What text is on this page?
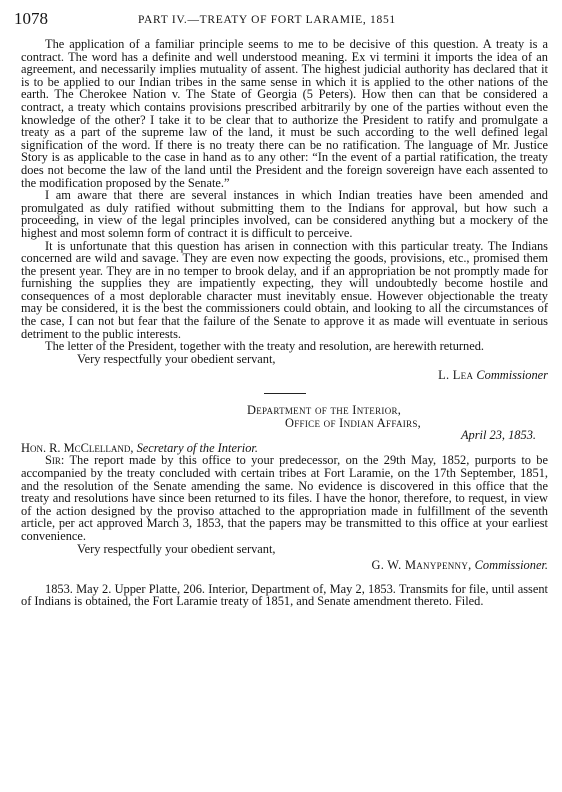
1078	PART IV.—TREATY OF FORT LARAMIE, 1851

The application of a familiar principle seems to me to be decisive of this question. A treaty is a contract. The word has a definite and well understood meaning. Ex vi termini it imports the idea of an agreement, and necessarily implies mutuality of assent. The highest judicial authority has declared that it is to be applied to our Indian tribes in the same sense in which it is applied to the other nations of the earth. The Cherokee Nation v. The State of Georgia (5 Peters). How then can that be considered a contract, a treaty which contains provisions prescribed arbitrarily by one of the parties without even the knowledge of the other? I take it to be clear that to authorize the President to ratify and promulgate a treaty as a part of the supreme law of the land, it must be such according to the well defined legal signification of the word. If there is no treaty there can be no ratification. The language of Mr. Justice Story is as applicable to the case in hand as to any other: “In the event of a partial ratification, the treaty does not become the law of the land until the President and the foreign sovereign have each assented to the modification proposed by the Senate.”

I am aware that there are several instances in which Indian treaties have been amended and promulgated as duly ratified without submitting them to the Indians for approval, but how such a proceeding, in view of the legal principles involved, can be considered anything but a mockery of the highest and most solemn form of contract it is difficult to perceive.

It is unfortunate that this question has arisen in connection with this particular treaty. The Indians concerned are wild and savage. They are even now expecting the goods, provisions, etc., promised them the present year. They are in no temper to brook delay, and if an appropriation be not promptly made for furnishing the supplies they are impatiently expecting, they will undoubtedly become hostile and consequences of a most deplorable character must inevitably ensue. However objectionable the treaty may be considered, it is the best the commissioners could obtain, and looking to all the circumstances of the case, I can not but fear that the failure of the Senate to approve it as made will eventuate in serious detriment to the public interests.

The letter of the President, together with the treaty and resolution, are herewith returned.

Very respectfully your obedient servant,

L. Lea Commissioner

Department of the Interior,

Office of Indian Affairs,

April 23, 1853.

Hon. R. McClelland, Secretary of the Interior.

Sir: The report made by this office to your predecessor, on the 29th May, 1852, purports to be accompanied by the treaty concluded with certain tribes at Fort Laramie, on the 17th September, 1851, and the resolution of the Senate amending the same. No evidence is discovered in this office that the treaty and resolutions have since been returned to its files. I have the honor, therefore, to request, in view of the action designed by the proviso attached to the appropriation made in fulfillment of the seventh article, per act approved March 3, 1853, that the papers may be transmitted to this office at your earliest convenience.

Very respectfully your obedient servant,

G. W. Manypenny, Commissioner.

1853. May 2. Upper Platte, 206. Interior, Department of, May 2, 1853. Transmits for file, until assent of Indians is obtained, the Fort Laramie treaty of 1851, and Senate amendment thereto. Filed.
